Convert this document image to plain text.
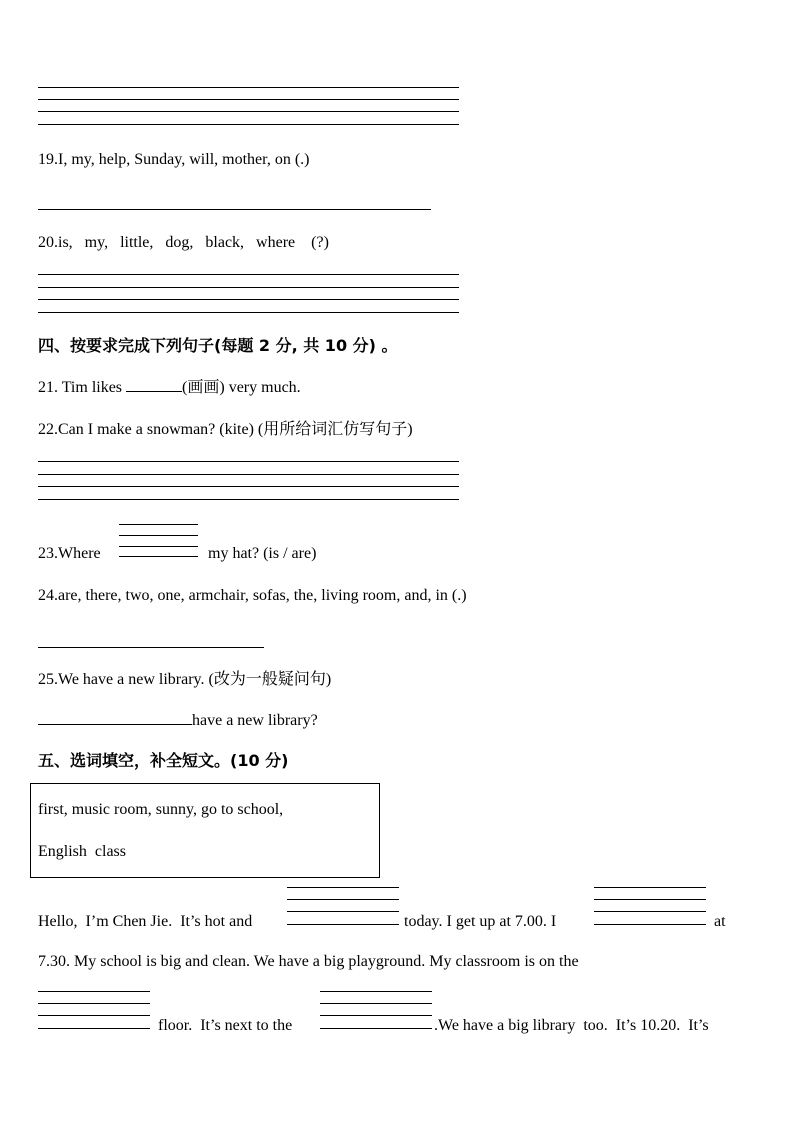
19.I, my, help, Sunday, will, mother, on (.)
20.is,   my,   little,   dog,   black,   where    (?)
四、按要求完成下列句子(每题 2 分, 共 10 分) 。
21. Tim likes	(画画) very much.
22.Can I make a snowman? (kite) (用所给词汇仿写句子)
23.Where	my hat? (is / are)
24.are, there, two, one, armchair, sofas, the, living room, and, in (.)
25.We have a new library. (改为一般疑问句)
have a new library?
五、选词填空，补全短文。(10 分)
first, music room, sunny, go to school,
English  class
Hello,  I’m Chen Jie.  It’s hot and	today. I get up at 7.00. I	at
7.30. My school is big and clean. We have a big playground. My classroom is on the
floor.  It’s next to the	.We have a big library  too.  It’s 10.20.  It’s
